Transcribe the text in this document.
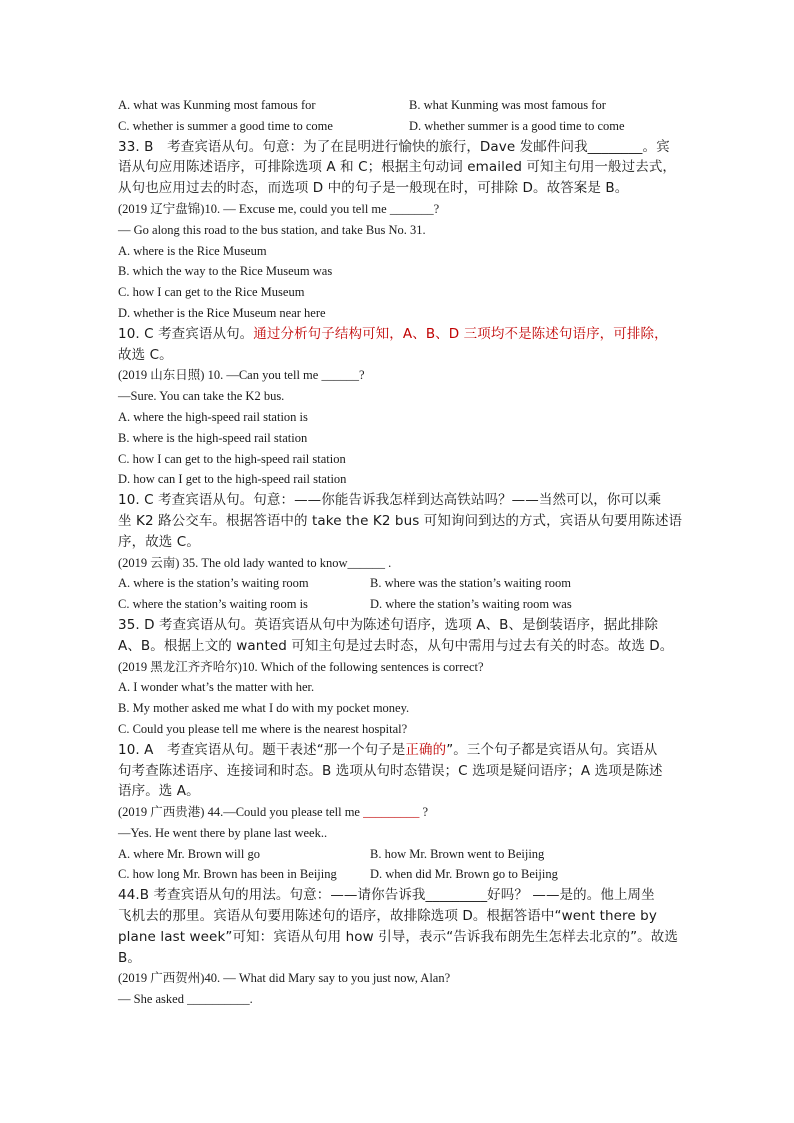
A. what was Kunming most famous for	B. what Kunming was most famous for
C. whether is summer a good time to come	D. whether summer is a good time to come
33. B　考查宾语从句。句意：为了在昆明进行愉快的旅行，Dave 发邮件问我________。宾
语从句应用陈述语序，可排除选项 A 和 C；根据主句动词 emailed 可知主句用一般过去式，
从句也应用过去的时态，而选项 D 中的句子是一般现在时，可排除 D。故答案是 B。
(2019 辽宁盘锦)10. — Excuse me, could you tell me _______?
— Go along this road to the bus station, and take Bus No. 31.
A. where is the Rice Museum
B. which the way to the Rice Museum was
C. how I can get to the Rice Museum
D. whether is the Rice Museum near here
10. C 考查宾语从句。通过分析句子结构可知，A、B、D 三项均不是陈述句语序，可排除，
故选 C。
(2019 山东日照) 10. —Can you tell me ______?
—Sure. You can take the K2 bus.
A. where the high-speed rail station is
B. where is the high-speed rail station
C. how I can get to the high-speed rail station
D. how can I get to the high-speed rail station
10. C 考查宾语从句。句意：——你能告诉我怎样到达高铁站吗？——当然可以，你可以乘
坐 K2 路公交车。根据答语中的 take the K2 bus 可知询问到达的方式，宾语从句要用陈述语
序，故选 C。
(2019 云南) 35. The old lady wanted to know______ .
A. where is the station’s waiting room	B. where was the station’s waiting room
C. where the station’s waiting room is	D. where the station’s waiting room was
35. D 考查宾语从句。英语宾语从句中为陈述句语序，选项 A、B、是倒装语序，据此排除
A、B。根据上文的 wanted 可知主句是过去时态，从句中需用与过去有关的时态。故选 D。
(2019 黑龙江齐齐哈尔)10. Which of the following sentences is correct?
A. I wonder what’s the matter with her.
B. My mother asked me what I do with my pocket money.
C. Could you please tell me where is the nearest hospital?
10. A　考查宾语从句。题干表述“那一个句子是正确的”。三个句子都是宾语从句。宾语从
句考查陈述语序、连接词和时态。B 选项从句时态错误；C 选项是疑问语序；A 选项是陈述
语序。选 A。
(2019 广西贵港) 44.—Could you please tell me _________ ?
—Yes. He went there by plane last week..
A. where Mr. Brown will go	B. how Mr. Brown went to Beijing
C. how long Mr. Brown has been in Beijing	D. when did Mr. Brown go to Beijing
44.B 考查宾语从句的用法。句意：——请你告诉我_________好吗？ ——是的。他上周坐
飞机去的那里。宾语从句要用陈述句的语序，故排除选项 D。根据答语中“went there by
plane last week”可知：宾语从句用 how 引导，表示“告诉我布朗先生怎样去北京的”。故选
B。
(2019 广西贺州)40. — What did Mary say to you just now, Alan?
— She asked __________.
